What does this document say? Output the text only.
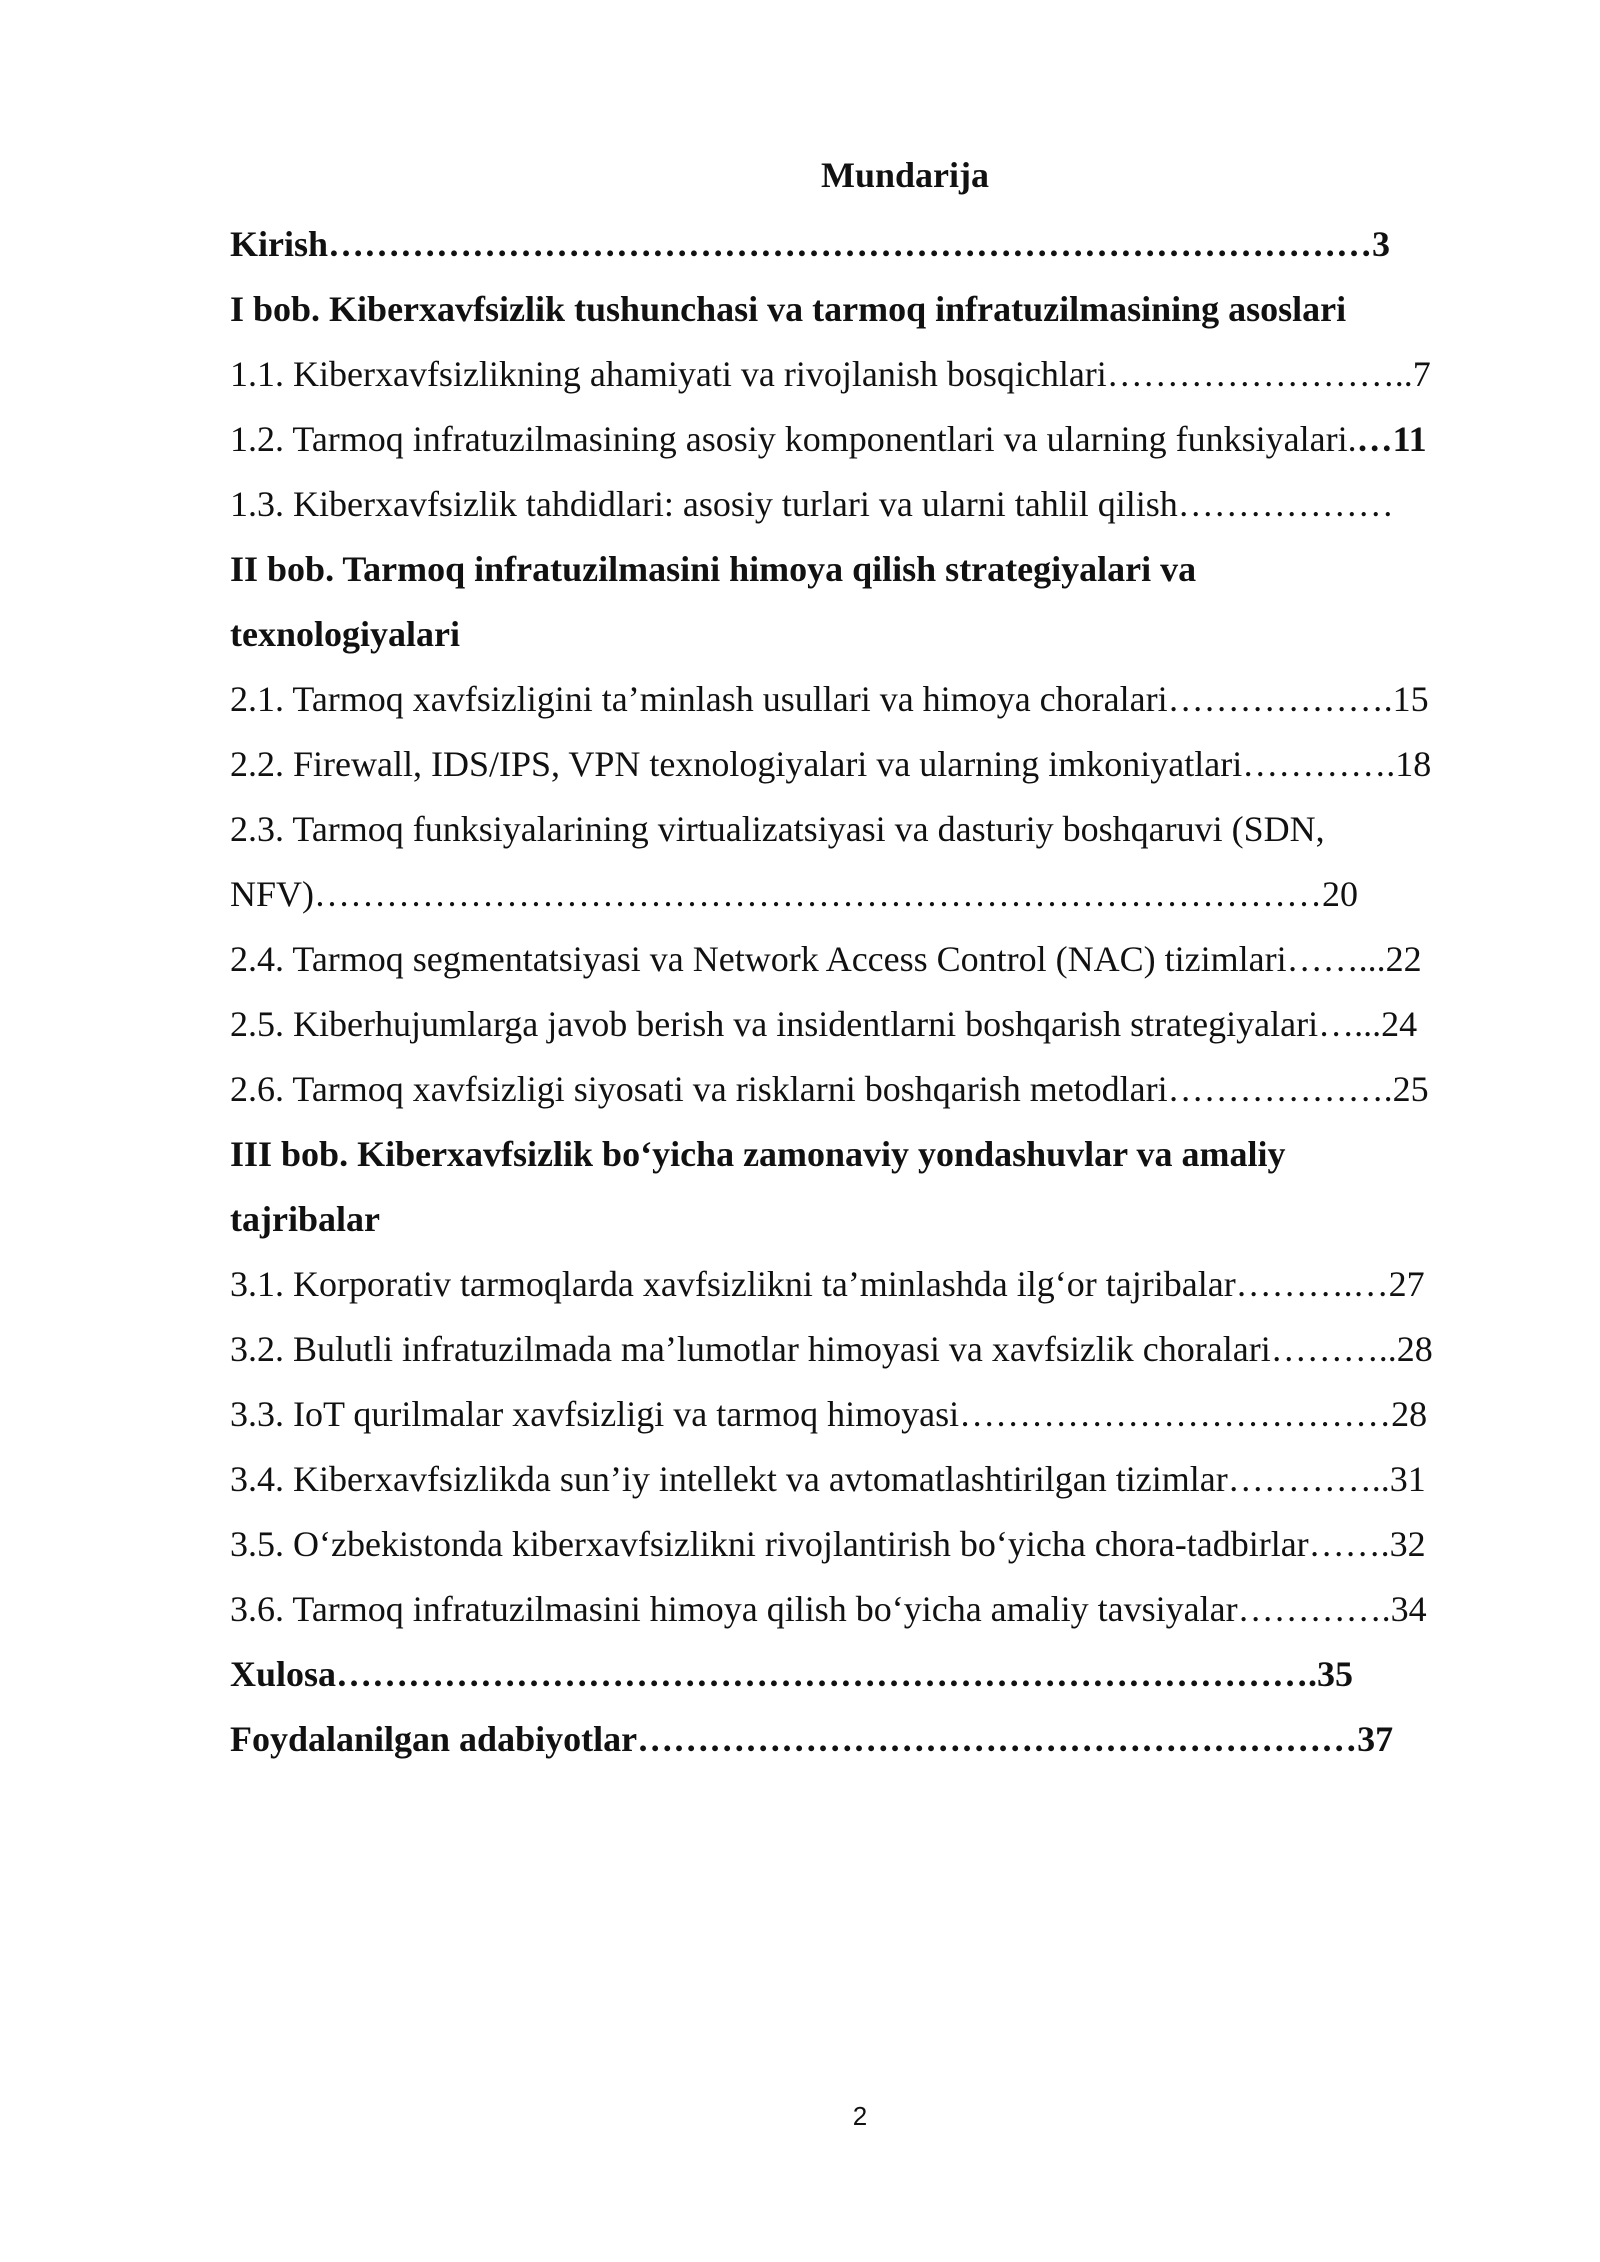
Mundarija
Kirish……………………………………………………………………………3
I bob. Kiberxavfsizlik tushunchasi va tarmoq infratuzilmasining asoslari
1.1. Kiberxavfsizlikning ahamiyati va rivojlanish bosqichlari……………………..7
1.2. Tarmoq infratuzilmasining asosiy komponentlari va ularning funksiyalari.…11
1.3. Kiberxavfsizlik tahdidlari: asosiy turlari va ularni tahlil qilish………………
II bob. Tarmoq infratuzilmasini himoya qilish strategiyalari va
texnologiyalari
2.1. Tarmoq xavfsizligini ta’minlash usullari va himoya choralari……………….15
2.2. Firewall, IDS/IPS, VPN texnologiyalari va ularning imkoniyatlari………….18
2.3. Tarmoq funksiyalarining virtualizatsiyasi va dasturiy boshqaruvi (SDN,
NFV)…………………………………………………………………………20
2.4. Tarmoq segmentatsiyasi va Network Access Control (NAC) tizimlari……...22
2.5. Kiberhujumlarga javob berish va insidentlarni boshqarish strategiyalari…...24
2.6. Tarmoq xavfsizligi siyosati va risklarni boshqarish metodlari……………….25
III bob. Kiberxavfsizlik bo‘yicha zamonaviy yondashuvlar va amaliy
tajribalar
3.1. Korporativ tarmoqlarda xavfsizlikni ta’minlashda ilg‘or tajribalar……….…27
3.2. Bulutli infratuzilmada ma’lumotlar himoyasi va xavfsizlik choralari………..28
3.3. IoT qurilmalar xavfsizligi va tarmoq himoyasi………………………………28
3.4. Kiberxavfsizlikda sun’iy intellekt va avtomatlashtirilgan tizimlar…………..31
3.5. O‘zbekistonda kiberxavfsizlikni rivojlantirish bo‘yicha chora-tadbirlar…….32
3.6. Tarmoq infratuzilmasini himoya qilish bo‘yicha amaliy tavsiyalar………….34
Xulosa……………………………………………………………………….35
Foydalanilgan adabiyotlar……………………………………………………37
2
